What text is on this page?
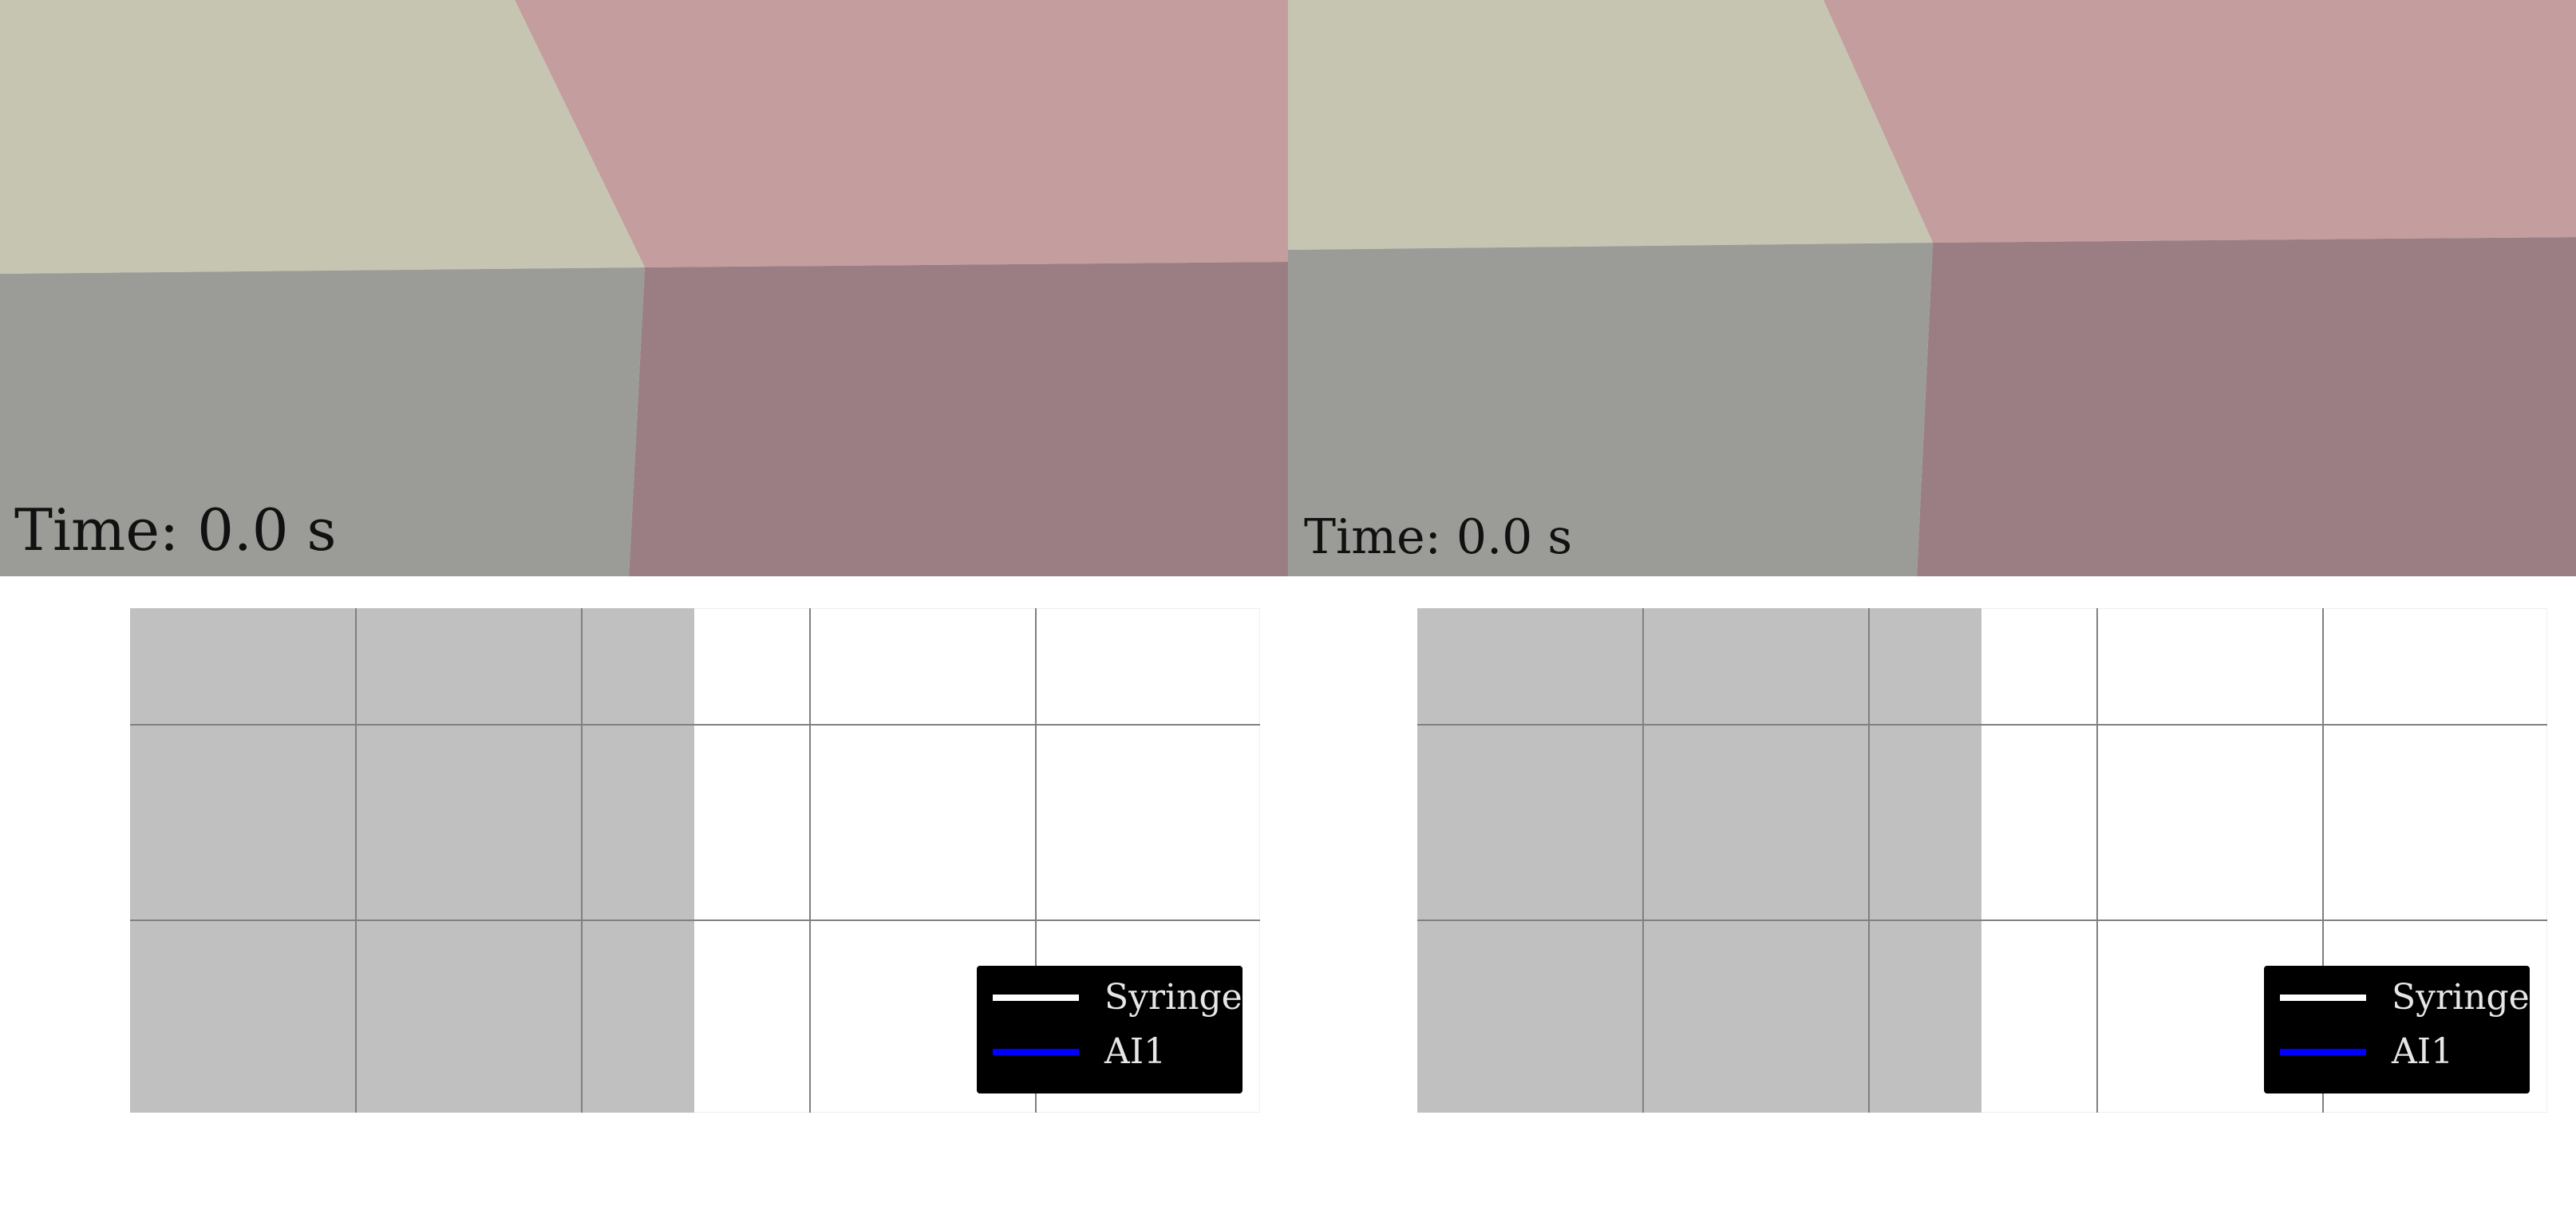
Time: 0.0 s	Time: 0.0 s
Syringe
AI1
Syringe
AI1
